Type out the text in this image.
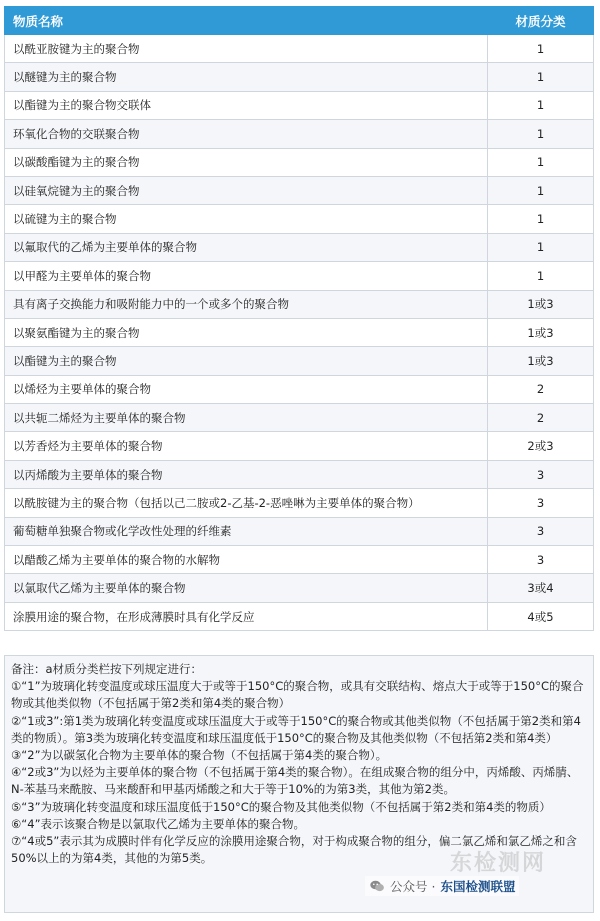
物质名称	材质分类
以酰亚胺键为主的聚合物	1
以醚键为主的聚合物	1
以酯键为主的聚合物交联体	1
环氧化合物的交联聚合物	1
以碳酸酯键为主的聚合物	1
以硅氧烷键为主的聚合物	1
以硫键为主的聚合物	1
以氟取代的乙烯为主要单体的聚合物	1
以甲醛为主要单体的聚合物	1
具有离子交换能力和吸附能力中的一个或多个的聚合物	1或3
以聚氨酯键为主的聚合物	1或3
以酯键为主的聚合物	1或3
以烯烃为主要单体的聚合物	2
以共轭二烯烃为主要单体的聚合物	2
以芳香烃为主要单体的聚合物	2或3
以丙烯酸为主要单体的聚合物	3
以酰胺键为主的聚合物（包括以己二胺或2-乙基-2-恶唑啉为主要单体的聚合物）	3
葡萄糖单独聚合物或化学改性处理的纤维素	3
以醋酸乙烯为主要单体的聚合物的水解物	3
以氯取代乙烯为主要单体的聚合物	3或4
涂膜用途的聚合物，在形成薄膜时具有化学反应	4或5

备注：a材质分类栏按下列规定进行：

①“1”为玻璃化转变温度或球压温度大于或等于150°C的聚合物，或具有交联结构、熔点大于或等于150°C的聚合物或其他类似物（不包括属于第2类和第4类的聚合物）

②“1或3”:第1类为玻璃化转变温度或球压温度大于或等于150°C的聚合物或其他类似物（不包括属于第2类和第4类的物质）。第3类为玻璃化转变温度和球压温度低于150°C的聚合物及其他类似物（不包括第2类和第4类）

③“2”为以碳氢化合物为主要单体的聚合物（不包括属于第4类的聚合物）。

④“2或3”为以烃为主要单体的聚合物（不包括属于第4类的聚合物）。在组成聚合物的组分中，丙烯酸、丙烯腈、N-苯基马来酰胺、马来酸酐和甲基丙烯酸之和大于等于10%的为第3类，其他为第2类。

⑤“3”为玻璃化转变温度和球压温度低于150°C的聚合物及其他类似物（不包括属于第2类和第4类的物质）

⑥“4”表示该聚合物是以氯取代乙烯为主要单体的聚合物。

⑦“4或5”表示其为成膜时伴有化学反应的涂膜用途聚合物，对于构成聚合物的组分，偏二氯乙烯和氯乙烯之和含50%以上的为第4类，其他的为第5类。	东检测网
公众号 · 东国检测联盟
